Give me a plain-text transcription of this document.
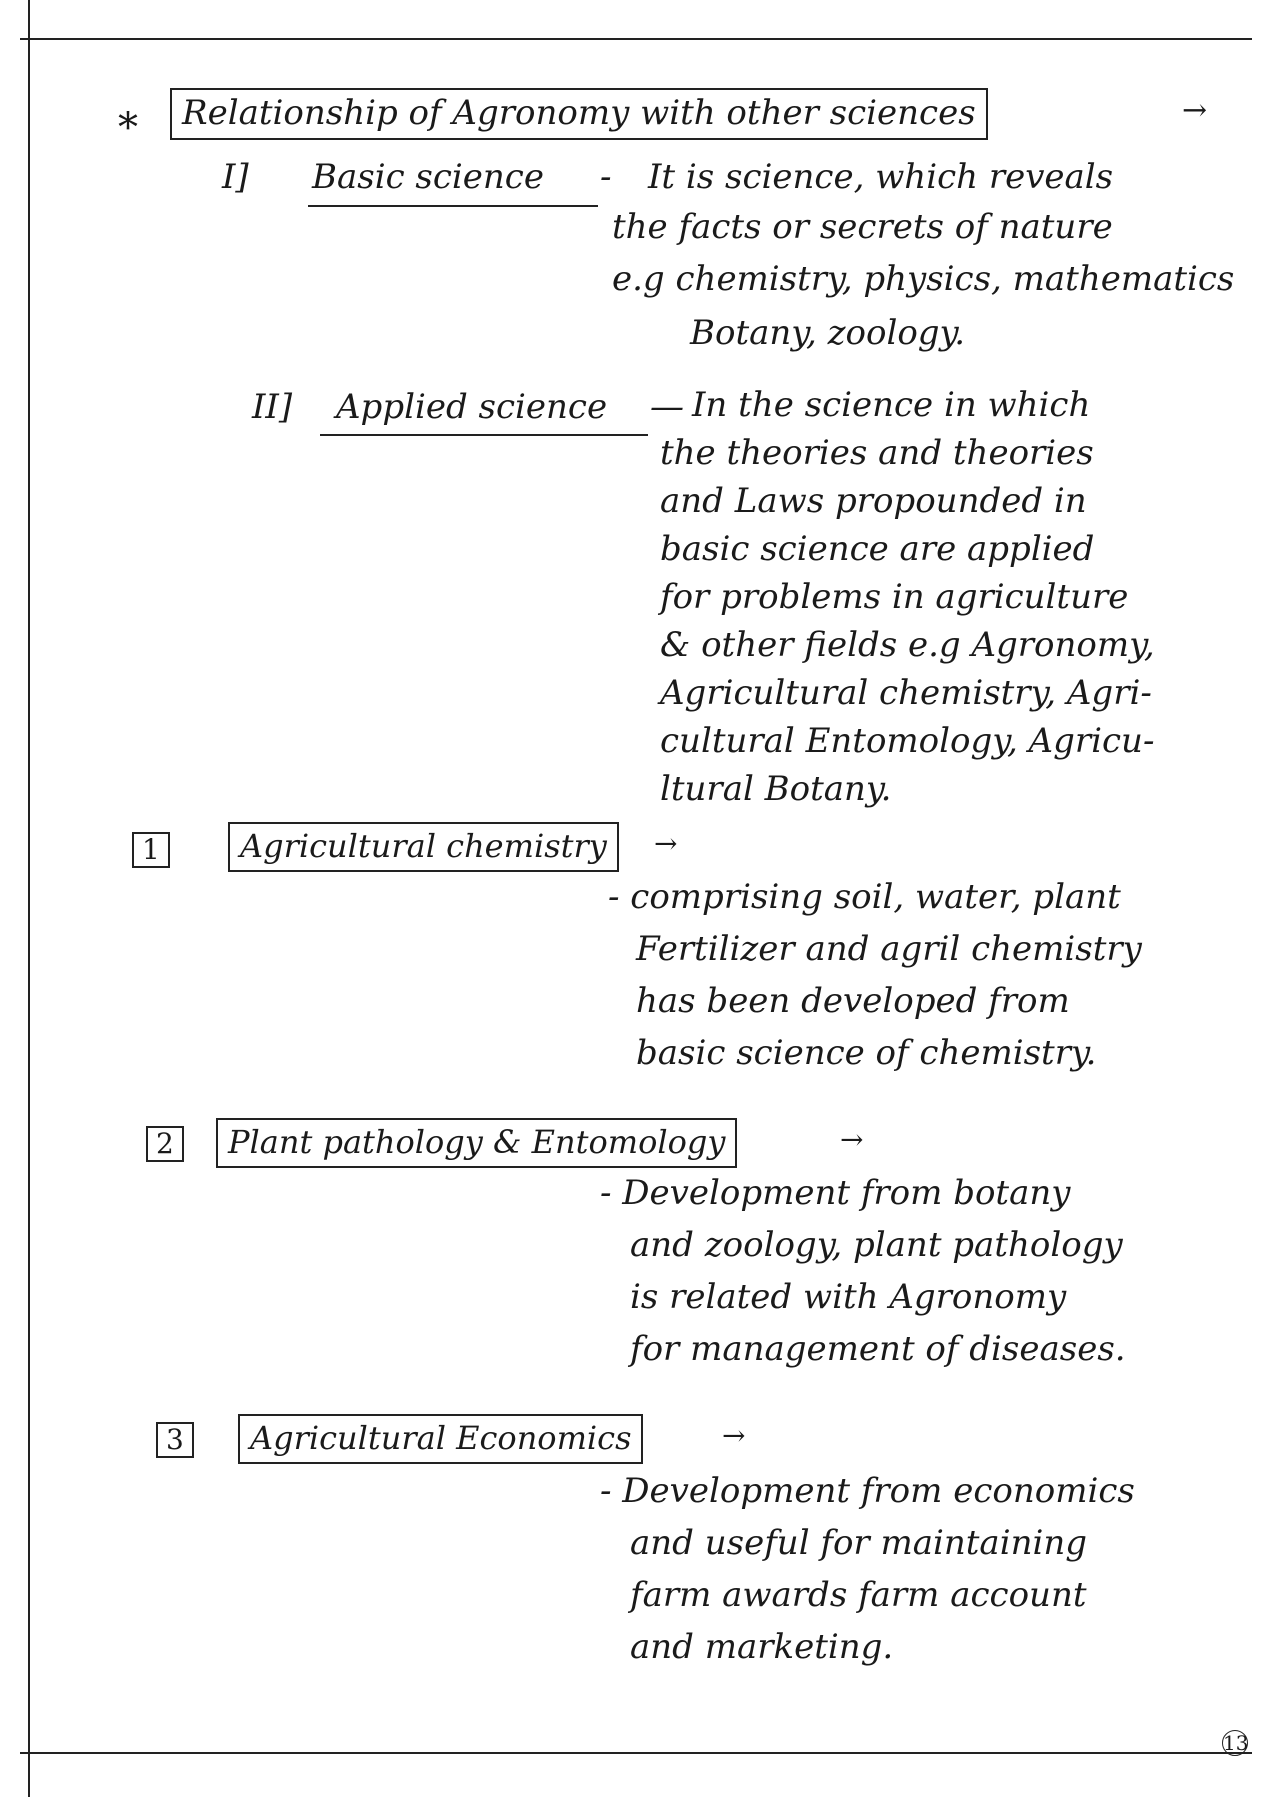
*	Relationship of Agronomy with other sciences	→
I] Basic science - It is science, which reveals
the facts or secrets of nature
e.g chemistry, physics, mathematics
Botany, zoology.
II] Applied science — In the science in which
the theories and theories
and Laws propounded in
basic science are applied
for problems in agriculture
& other fields e.g Agronomy,
Agricultural chemistry, Agri-
cultural Entomology, Agricu-
ltural Botany.
1	Agricultural chemistry	→
- comprising soil, water, plant
Fertilizer and agril chemistry
has been developed from
basic science of chemistry.
2	Plant pathology & Entomology	→
- Development from botany
and zoology, plant pathology
is related with Agronomy
for management of diseases.
3	Agricultural Economics	→
- Development from economics
and useful for maintaining
farm awards farm account
and marketing.
13
